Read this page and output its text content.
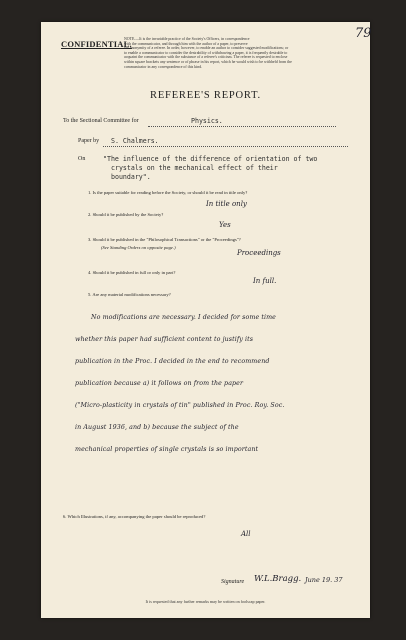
79
CONFIDENTIAL.
NOTE.—It is the invariable practice of the Society's Officers, in correspondence
with the communicator, and through him with the author of a paper, to preserve
the anonymity of a referee. In order, however, to enable an author to consider suggested modifications; or
to enable a communicator to consider the desirability of withdrawing a paper, it is frequently desirable to
acquaint the communicator with the substance of a referee's criticism. The referee is requested to enclose
within square brackets any sentence or of phrase in his report, which he would wish to be withheld from the
communicator in any correspondence of this kind.
REFEREE'S REPORT.
To the Sectional Committee for	Physics.
Paper by S. Chalmers.
On	"The influence of the difference of orientation of two
crystals on the mechanical effect of their
boundary".
1. Is the paper suitable for reading before the Society, or should it be read in title only?
In title only
2. Should it be published by the Society?
Yes
3. Should it be published in the "Philosophical Transactions" or the "Proceedings"?
(See Standing Orders on opposite page.)
Proceedings
4. Should it be published in full or only in part?
In full.
5. Are any material modifications necessary?
No modifications are necessary. I decided for some time
whether this paper had sufficient content to justify its
publication in the Proc. I decided in the end to recommend
publication because a) it follows on from the paper
("Micro-plasticity in crystals of tin" published in Proc. Roy. Soc.
in August 1936, and b) because the subject of the
mechanical properties of single crystals is so important
6. Which Illustrations, if any, accompanying the paper should be reproduced?
All
Signature W.L.Bragg. June 19. 37
It is requested that any further remarks may be written on foolscap paper.
